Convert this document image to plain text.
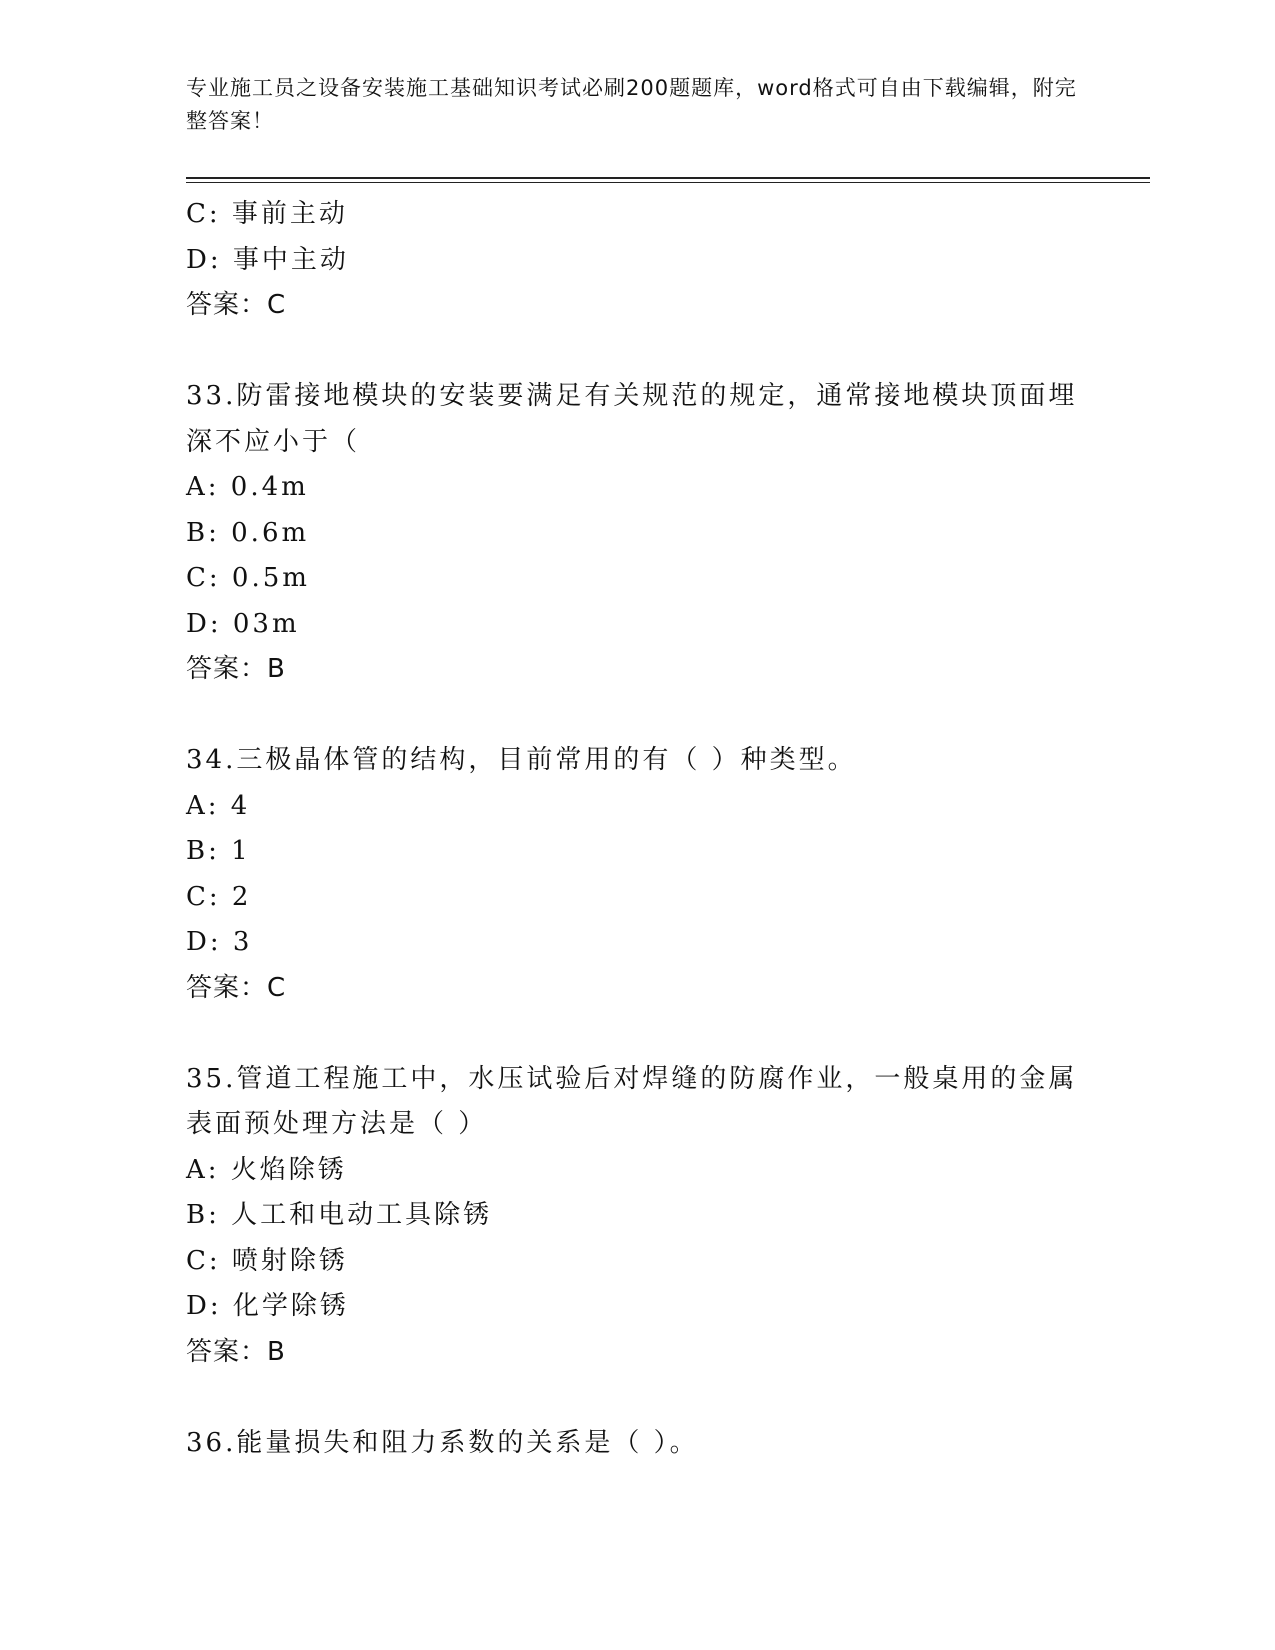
专业施工员之设备安装施工基础知识考试必刷200题题库，word格式可自由下载编辑，附完整答案！
C: 事前主动
D: 事中主动
答案：C
33.防雷接地模块的安装要满足有关规范的规定，通常接地模块顶面埋
深不应小于（
A: 0.4m
B: 0.6m
C: 0.5m
D: 03m
答案：B
34.三极晶体管的结构，目前常用的有（ ）种类型。
A: 4
B: 1
C: 2
D: 3
答案：C
35.管道工程施工中，水压试验后对焊缝的防腐作业，一般桌用的金属
表面预处理方法是（ ）
A: 火焰除锈
B: 人工和电动工具除锈
C: 喷射除锈
D: 化学除锈
答案：B
36.能量损失和阻力系数的关系是（ ）。
